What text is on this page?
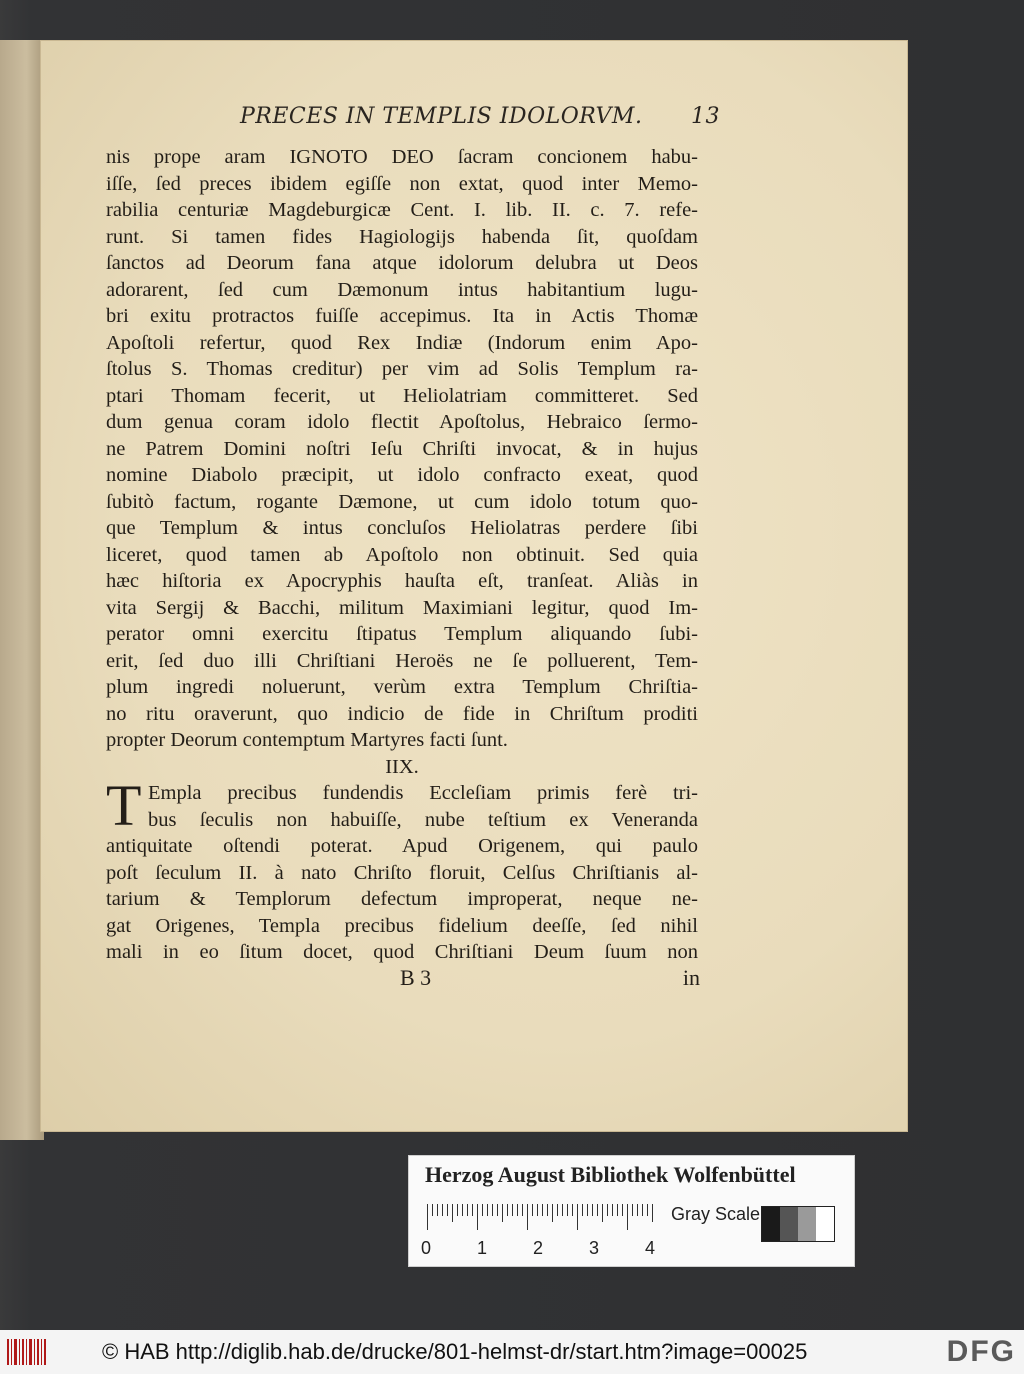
PRECES IN TEMPLIS IDOLORVM. 13
nis prope aram IGNOTO DEO ſacram concionem habu-
iſſe, ſed preces ibidem egiſſe non extat, quod inter Memo-
rabilia centuriæ Magdeburgicæ Cent. I. lib. II. c. 7. refe-
runt. Si tamen fides Hagiologijs habenda ſit, quoſdam
ſanctos ad Deorum fana atque idolorum delubra ut Deos
adorarent, ſed cum Dæmonum intus habitantium lugu-
bri exitu protractos fuiſſe accepimus. Ita in Actis Thomæ
Apoſtoli refertur, quod Rex Indiæ (Indorum enim Apo-
ſtolus S. Thomas creditur) per vim ad Solis Templum ra-
ptari Thomam fecerit, ut Heliolatriam committeret. Sed
dum genua coram idolo flectit Apoſtolus, Hebraico ſermo-
ne Patrem Domini noſtri Ieſu Chriſti invocat, & in hujus
nomine Diabolo præcipit, ut idolo confracto exeat, quod
ſubitò factum, rogante Dæmone, ut cum idolo totum quo-
que Templum & intus concluſos Heliolatras perdere ſibi
liceret, quod tamen ab Apoſtolo non obtinuit. Sed quia
hæc hiſtoria ex Apocryphis hauſta eſt, tranſeat. Aliàs in
vita Sergij & Bacchi, militum Maximiani legitur, quod Im-
perator omni exercitu ſtipatus Templum aliquando ſubi-
erit, ſed duo illi Chriſtiani Heroës ne ſe polluerent, Tem-
plum ingredi noluerunt, verùm extra Templum Chriſtia-
no ritu oraverunt, quo indicio de fide in Chriſtum proditi
propter Deorum contemptum Martyres facti ſunt.
IIX.
T Empla precibus fundendis Eccleſiam primis ferè tri-
bus ſeculis non habuiſſe, nube teſtium ex Veneranda
antiquitate oſtendi poterat. Apud Origenem, qui paulo
poſt ſeculum II. à nato Chriſto floruit, Celſus Chriſtianis al-
tarium & Templorum defectum improperat, neque ne-
gat Origenes, Templa precibus fidelium deeſſe, ſed nihil
mali in eo ſitum docet, quod Chriſtiani Deum ſuum non
B 3	in
Herzog August Bibliothek Wolfenbüttel
0	1	2	3	4
Gray Scale
© HAB http://diglib.hab.de/drucke/801-helmst-dr/start.htm?image=00025	DFG
